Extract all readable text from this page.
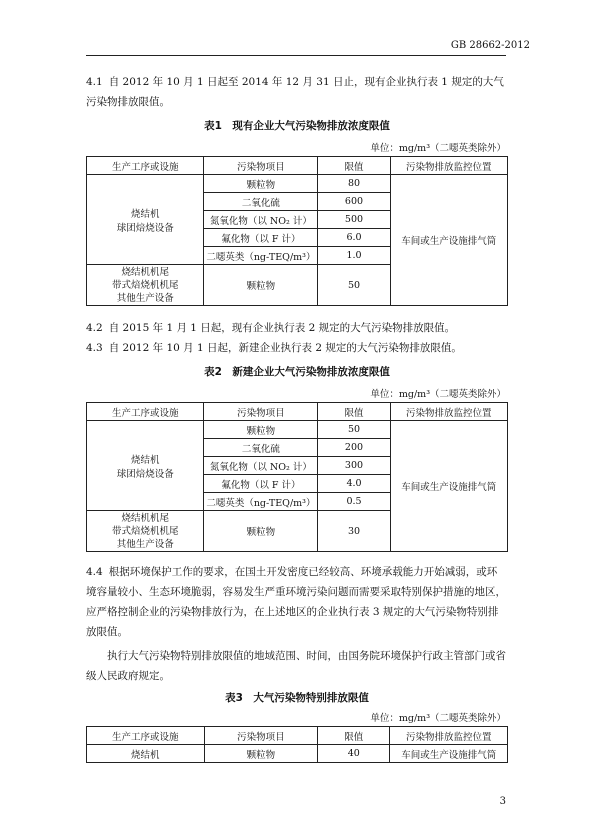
GB 28662-2012
4.1 自 2012 年 10 月 1 日起至 2014 年 12 月 31 日止，现有企业执行表 1 规定的大气污染物排放限值。
表1　现有企业大气污染物排放浓度限值
单位：mg/m³（二噁英类除外）
生产工序或设施	污染物项目	限值	污染物排放监控位置

烧结机
球团焙烧设备	颗粒物	80	车间或生产设施排气筒
	二氧化硫	600	
	氮氧化物（以 NO₂ 计）	500	
	氟化物（以 F 计）	6.0	
	二噁英类（ng-TEQ/m³）	1.0	

烧结机机尾
带式焙烧机机尾
其他生产设备	颗粒物	50	
4.2 自 2015 年 1 月 1 日起，现有企业执行表 2 规定的大气污染物排放限值。
4.3 自 2012 年 10 月 1 日起，新建企业执行表 2 规定的大气污染物排放限值。
表2　新建企业大气污染物排放浓度限值
单位：mg/m³（二噁英类除外）
生产工序或设施	污染物项目	限值	污染物排放监控位置

烧结机
球团焙烧设备	颗粒物	50	车间或生产设施排气筒
	二氧化硫	200	
	氮氧化物（以 NO₂ 计）	300	
	氟化物（以 F 计）	4.0	
	二噁英类（ng-TEQ/m³）	0.5	

烧结机机尾
带式焙烧机机尾
其他生产设备	颗粒物	30	
4.4 根据环境保护工作的要求，在国土开发密度已经较高、环境承载能力开始减弱，或环境容量较小、生态环境脆弱，容易发生严重环境污染问题而需要采取特别保护措施的地区，应严格控制企业的污染物排放行为，在上述地区的企业执行表 3 规定的大气污染物特别排放限值。
执行大气污染物特别排放限值的地域范围、时间，由国务院环境保护行政主管部门或省级人民政府规定。
表3　大气污染物特别排放限值
单位：mg/m³（二噁英类除外）
生产工序或设施	污染物项目	限值	污染物排放监控位置
烧结机	颗粒物	40	车间或生产设施排气筒
3
